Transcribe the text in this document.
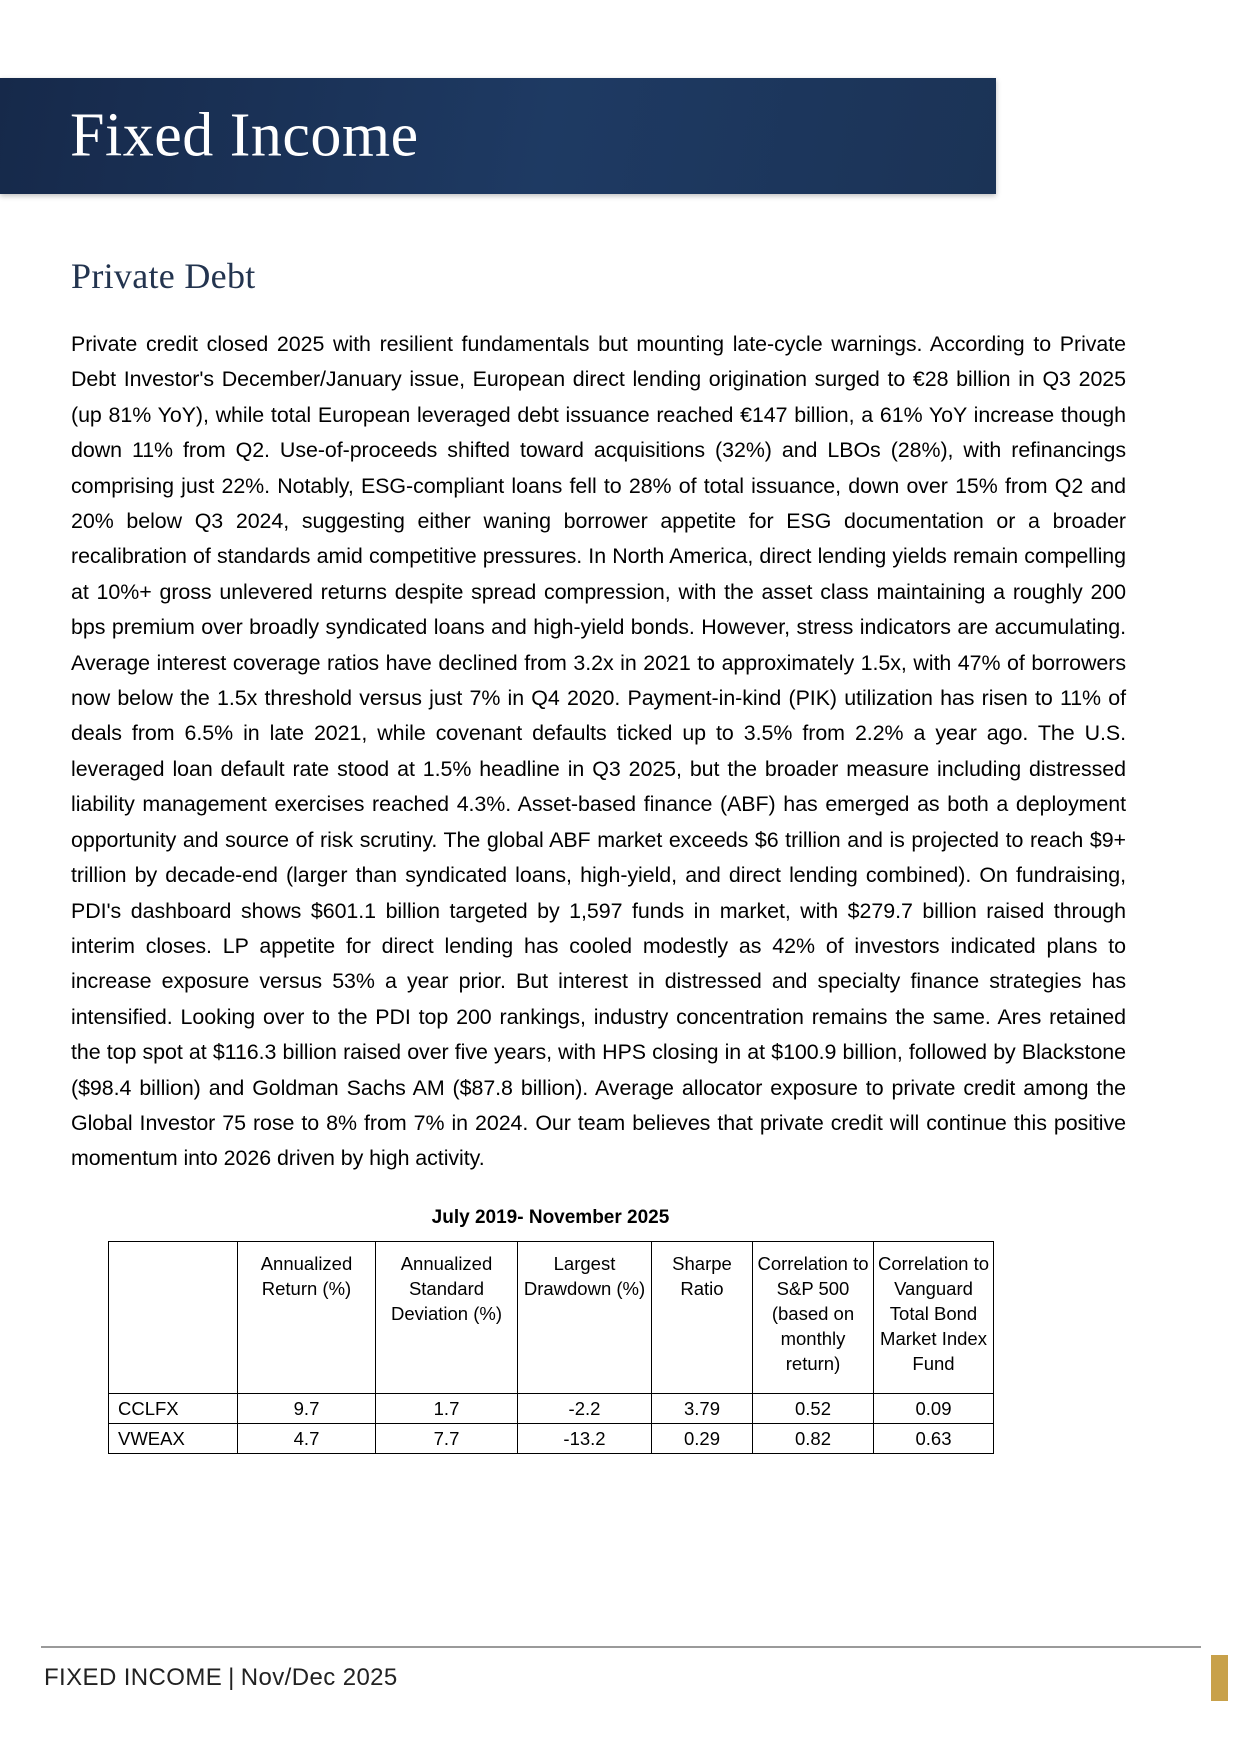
Fixed Income
Private Debt

Private credit closed 2025 with resilient fundamentals but mounting late-cycle warnings. According to Private Debt Investor's December/January issue, European direct lending origination surged to €28 billion in Q3 2025 (up 81% YoY), while total European leveraged debt issuance reached €147 billion, a 61% YoY increase though down 11% from Q2. Use-of-proceeds shifted toward acquisitions (32%) and LBOs (28%), with refinancings comprising just 22%. Notably, ESG-compliant loans fell to 28% of total issuance, down over 15% from Q2 and 20% below Q3 2024, suggesting either waning borrower appetite for ESG documentation or a broader recalibration of standards amid competitive pressures. In North America, direct lending yields remain compelling at 10%+ gross unlevered returns despite spread compression, with the asset class maintaining a roughly 200 bps premium over broadly syndicated loans and high-yield bonds. However, stress indicators are accumulating. Average interest coverage ratios have declined from 3.2x in 2021 to approximately 1.5x, with 47% of borrowers now below the 1.5x threshold versus just 7% in Q4 2020. Payment-in-kind (PIK) utilization has risen to 11% of deals from 6.5% in late 2021, while covenant defaults ticked up to 3.5% from 2.2% a year ago. The U.S. leveraged loan default rate stood at 1.5% headline in Q3 2025, but the broader measure including distressed liability management exercises reached 4.3%. Asset-based finance (ABF) has emerged as both a deployment opportunity and source of risk scrutiny. The global ABF market exceeds $6 trillion and is projected to reach $9+ trillion by decade-end (larger than syndicated loans, high-yield, and direct lending combined). On fundraising, PDI's dashboard shows $601.1 billion targeted by 1,597 funds in market, with $279.7 billion raised through interim closes. LP appetite for direct lending has cooled modestly as 42% of investors indicated plans to increase exposure versus 53% a year prior. But interest in distressed and specialty finance strategies has intensified. Looking over to the PDI top 200 rankings, industry concentration remains the same. Ares retained the top spot at $116.3 billion raised over five years, with HPS closing in at $100.9 billion, followed by Blackstone ($98.4 billion) and Goldman Sachs AM ($87.8 billion). Average allocator exposure to private credit among the Global Investor 75 rose to 8% from 7% in 2024. Our team believes that private credit will continue this positive momentum into 2026 driven by high activity.

July 2019- November 2025
	Annualized Return (%)	Annualized Standard Deviation (%)	Largest Drawdown (%)	Sharpe Ratio	Correlation to S&P 500 (based on monthly return)	Correlation to Vanguard Total Bond Market Index Fund
CCLFX	9.7	1.7	-2.2	3.79	0.52	0.09
VWEAX	4.7	7.7	-13.2	0.29	0.82	0.63
FIXED INCOME | Nov/Dec 2025
